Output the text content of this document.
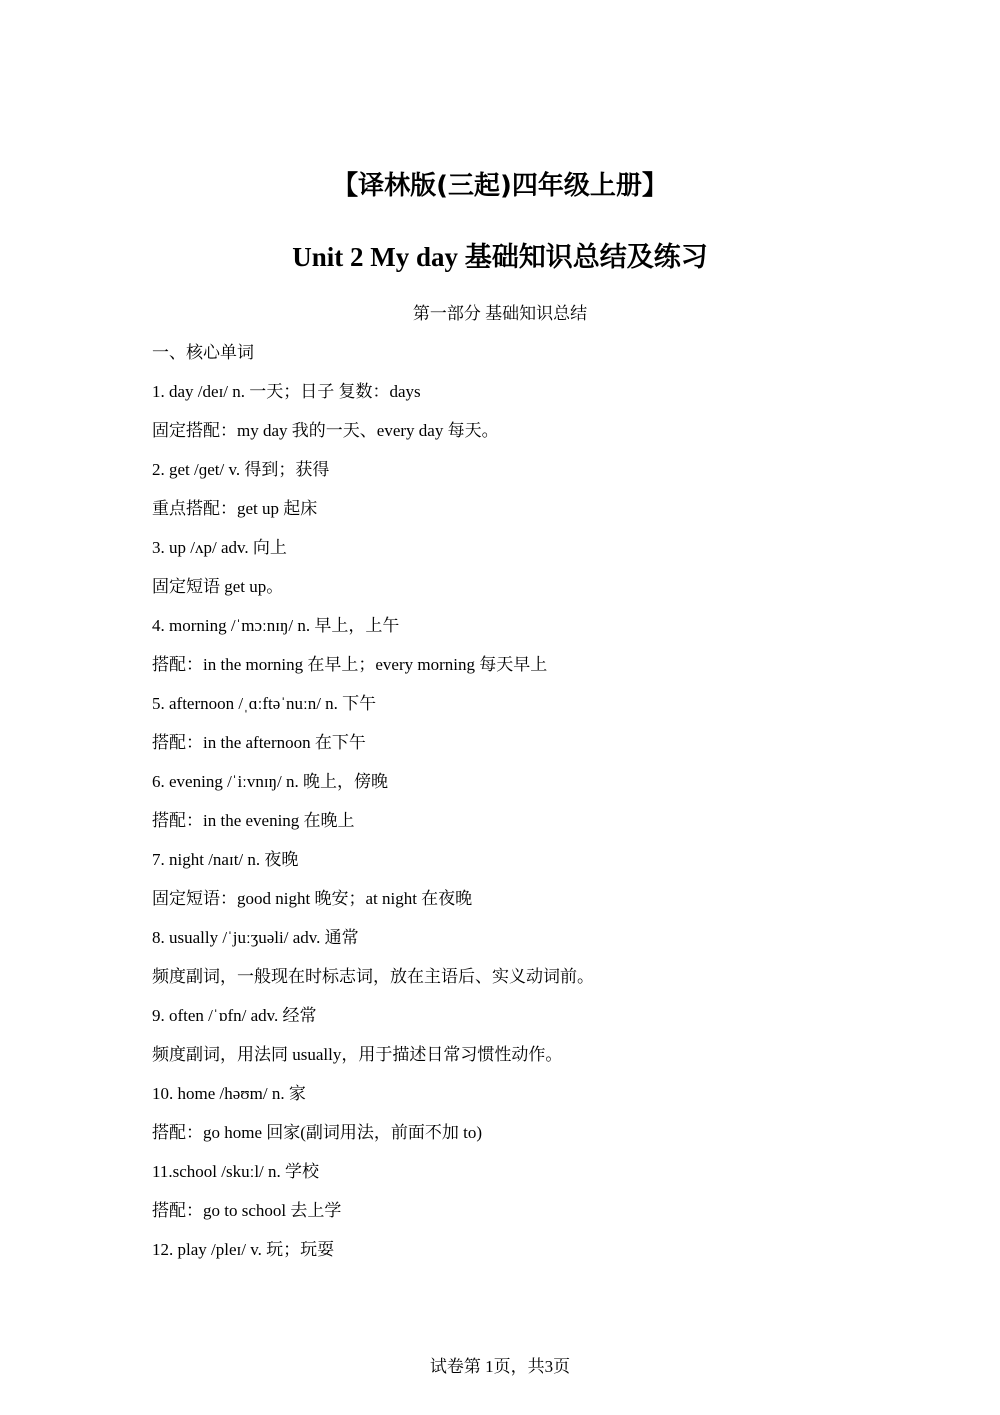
【译林版(三起)四年级上册】
Unit 2 My day 基础知识总结及练习

第一部分 基础知识总结

一、核心单词
1. day /deɪ/ n. 一天；日子 复数：days
固定搭配：my day 我的一天、every day 每天。
2. get /ɡet/ v. 得到；获得
重点搭配：get up 起床
3. up /ʌp/ adv. 向上
固定短语 get up。
4. morning /ˈmɔːnɪŋ/ n. 早上，上午
搭配：in the morning 在早上；every morning 每天早上
5. afternoon /ˌɑːftəˈnuːn/ n. 下午
搭配：in the afternoon 在下午
6. evening /ˈiːvnɪŋ/ n. 晚上，傍晚
搭配：in the evening 在晚上
7. night /naɪt/ n. 夜晚
固定短语：good night 晚安；at night 在夜晚
8. usually /ˈjuːʒuəli/ adv. 通常
频度副词，一般现在时标志词，放在主语后、实义动词前。
9. often /ˈɒfn/ adv. 经常
频度副词，用法同 usually，用于描述日常习惯性动作。
10. home /həʊm/ n. 家
搭配：go home 回家(副词用法，前面不加 to)
11.school /skuːl/ n. 学校
搭配：go to school 去上学
12. play /pleɪ/ v. 玩；玩耍

试卷第 1页，共3页
